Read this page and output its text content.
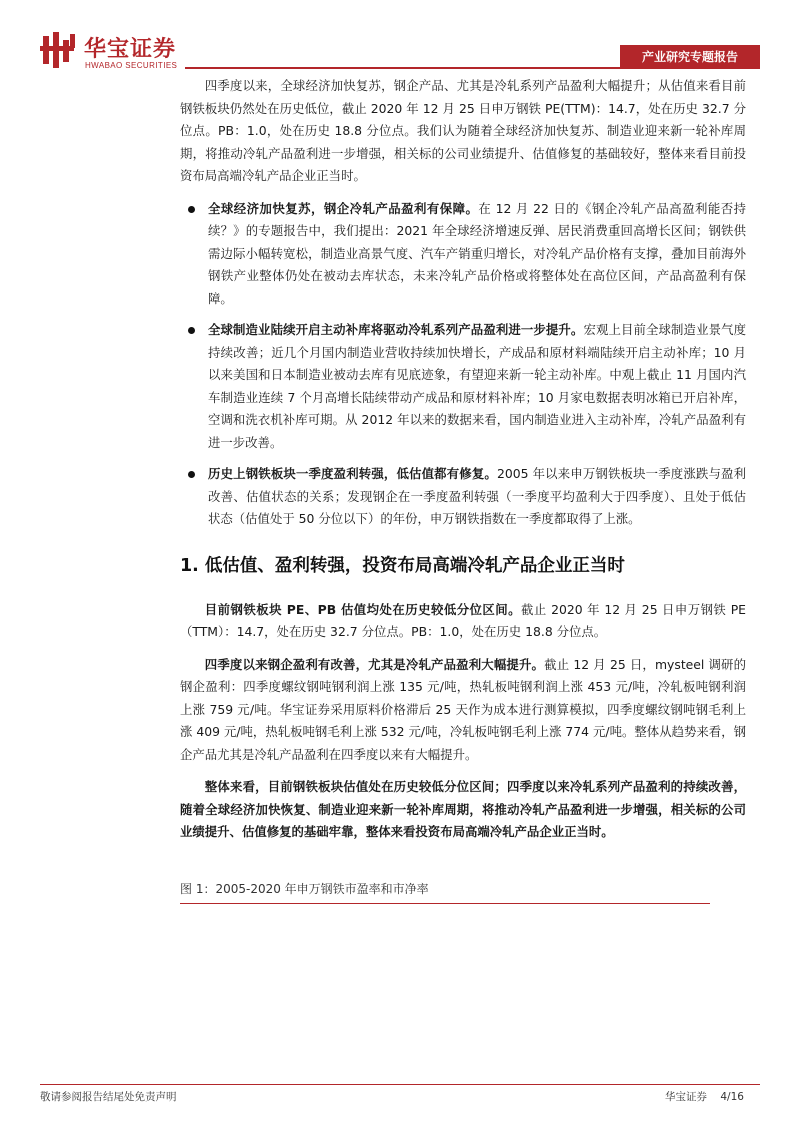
华宝证券
HWABAO SECURITIES
产业研究专题报告

四季度以来，全球经济加快复苏，钢企产品、尤其是冷轧系列产品盈利大幅提升；从估值来看目前钢铁板块仍然处在历史低位，截止 2020 年 12 月 25 日申万钢铁 PE(TTM)：14.7，处在历史 32.7 分位点。PB：1.0，处在历史 18.8 分位点。我们认为随着全球经济加快复苏、制造业迎来新一轮补库周期，将推动冷轧产品盈利进一步增强，相关标的公司业绩提升、估值修复的基础较好，整体来看目前投资布局高端冷轧产品企业正当时。

全球经济加快复苏，钢企冷轧产品盈利有保障。在 12 月 22 日的《钢企冷轧产品高盈利能否持续？》的专题报告中，我们提出：2021 年全球经济增速反弹、居民消费重回高增长区间；钢铁供需边际小幅转宽松，制造业高景气度、汽车产销重归增长，对冷轧产品价格有支撑，叠加目前海外钢铁产业整体仍处在被动去库状态，未来冷轧产品价格或将整体处在高位区间，产品高盈利有保障。
全球制造业陆续开启主动补库将驱动冷轧系列产品盈利进一步提升。宏观上目前全球制造业景气度持续改善；近几个月国内制造业营收持续加快增长，产成品和原材料端陆续开启主动补库；10 月以来美国和日本制造业被动去库有见底迹象，有望迎来新一轮主动补库。中观上截止 11 月国内汽车制造业连续 7 个月高增长陆续带动产成品和原材料补库；10 月家电数据表明冰箱已开启补库，空调和洗衣机补库可期。从 2012 年以来的数据来看，国内制造业进入主动补库，冷轧产品盈利有进一步改善。
历史上钢铁板块一季度盈利转强，低估值都有修复。2005 年以来申万钢铁板块一季度涨跌与盈利改善、估值状态的关系；发现钢企在一季度盈利转强（一季度平均盈利大于四季度）、且处于低估状态（估值处于 50 分位以下）的年份，申万钢铁指数在一季度都取得了上涨。
1. 低估值、盈利转强，投资布局高端冷轧产品企业正当时

目前钢铁板块 PE、PB 估值均处在历史较低分位区间。截止 2020 年 12 月 25 日申万钢铁 PE（TTM）：14.7，处在历史 32.7 分位点。PB：1.0，处在历史 18.8 分位点。

四季度以来钢企盈利有改善，尤其是冷轧产品盈利大幅提升。截止 12 月 25 日，mysteel 调研的钢企盈利：四季度螺纹钢吨钢利润上涨 135 元/吨，热轧板吨钢利润上涨 453 元/吨，冷轧板吨钢利润上涨 759 元/吨。华宝证券采用原料价格滞后 25 天作为成本进行测算模拟，四季度螺纹钢吨钢毛利上涨 409 元/吨，热轧板吨钢毛利上涨 532 元/吨，冷轧板吨钢毛利上涨 774 元/吨。整体从趋势来看，钢企产品尤其是冷轧产品盈利在四季度以来有大幅提升。

整体来看，目前钢铁板块估值处在历史较低分位区间；四季度以来冷轧系列产品盈利的持续改善，随着全球经济加快恢复、制造业迎来新一轮补库周期，将推动冷轧产品盈利进一步增强，相关标的公司业绩提升、估值修复的基础牢靠，整体来看投资布局高端冷轧产品企业正当时。

图 1：2005-2020 年申万钢铁市盈率和市净率
敬请参阅报告结尾处免责声明	华宝证券 4/16
